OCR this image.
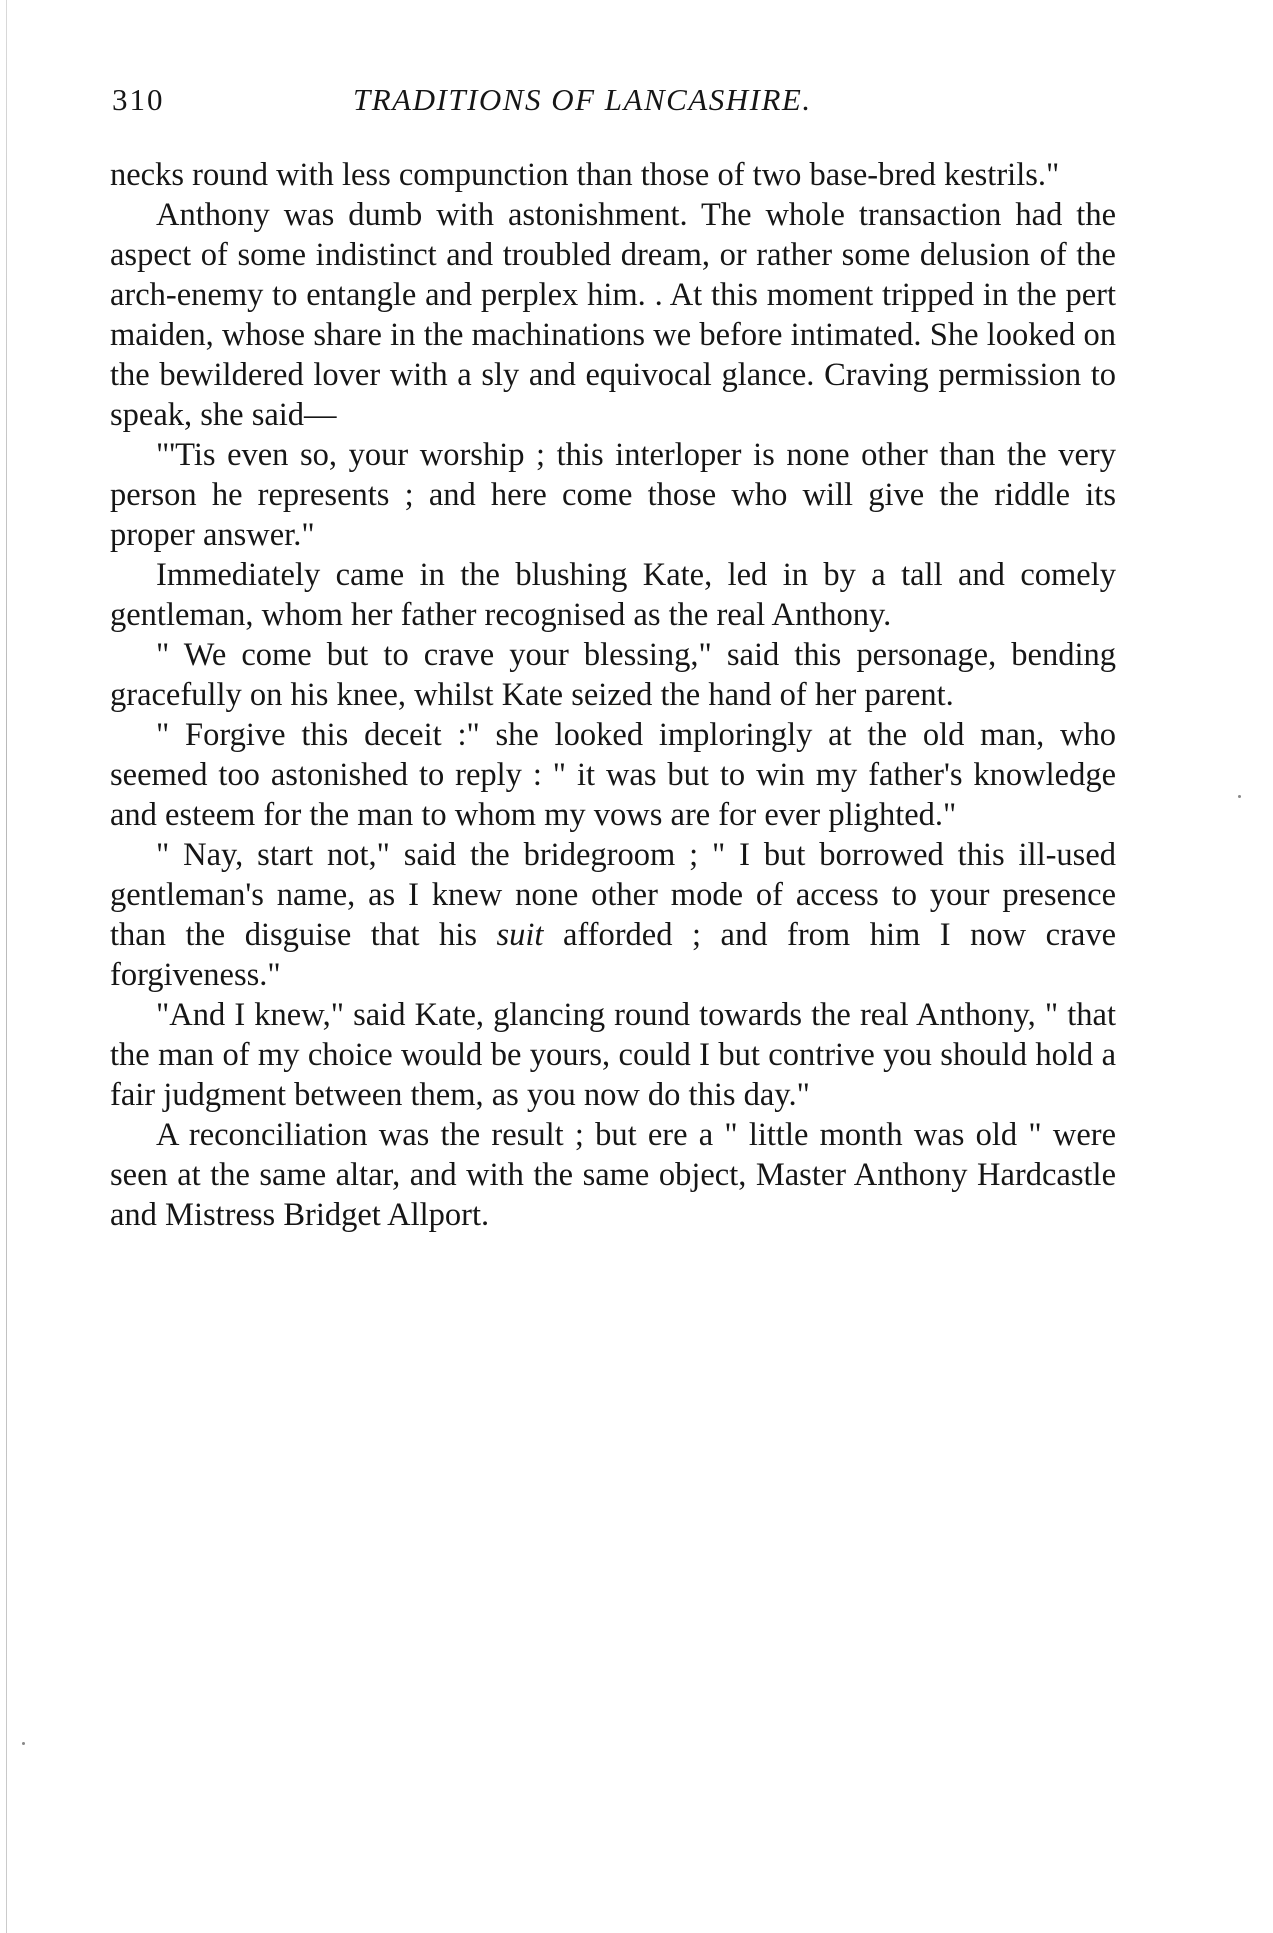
310	TRADITIONS OF LANCASHIRE.

necks round with less compunction than those of two base-bred kestrils."

Anthony was dumb with astonishment. The whole transaction had the aspect of some indistinct and troubled dream, or rather some delusion of the arch-enemy to entangle and perplex him. . At this moment tripped in the pert maiden, whose share in the machinations we before intimated. She looked on the bewildered lover with a sly and equivocal glance. Craving permission to speak, she said—

"'Tis even so, your worship ; this interloper is none other than the very person he represents ; and here come those who will give the riddle its proper answer."

Immediately came in the blushing Kate, led in by a tall and comely gentleman, whom her father recognised as the real Anthony.

" We come but to crave your blessing," said this personage, bending gracefully on his knee, whilst Kate seized the hand of her parent.

" Forgive this deceit :" she looked imploringly at the old man, who seemed too astonished to reply : " it was but to win my father's knowledge and esteem for the man to whom my vows are for ever plighted."

" Nay, start not," said the bridegroom ; " I but borrowed this ill-used gentleman's name, as I knew none other mode of access to your presence than the disguise that his suit afforded ; and from him I now crave forgiveness."

"And I knew," said Kate, glancing round towards the real Anthony, " that the man of my choice would be yours, could I but contrive you should hold a fair judgment between them, as you now do this day."

A reconciliation was the result ; but ere a " little month was old " were seen at the same altar, and with the same object, Master Anthony Hardcastle and Mistress Bridget Allport.
